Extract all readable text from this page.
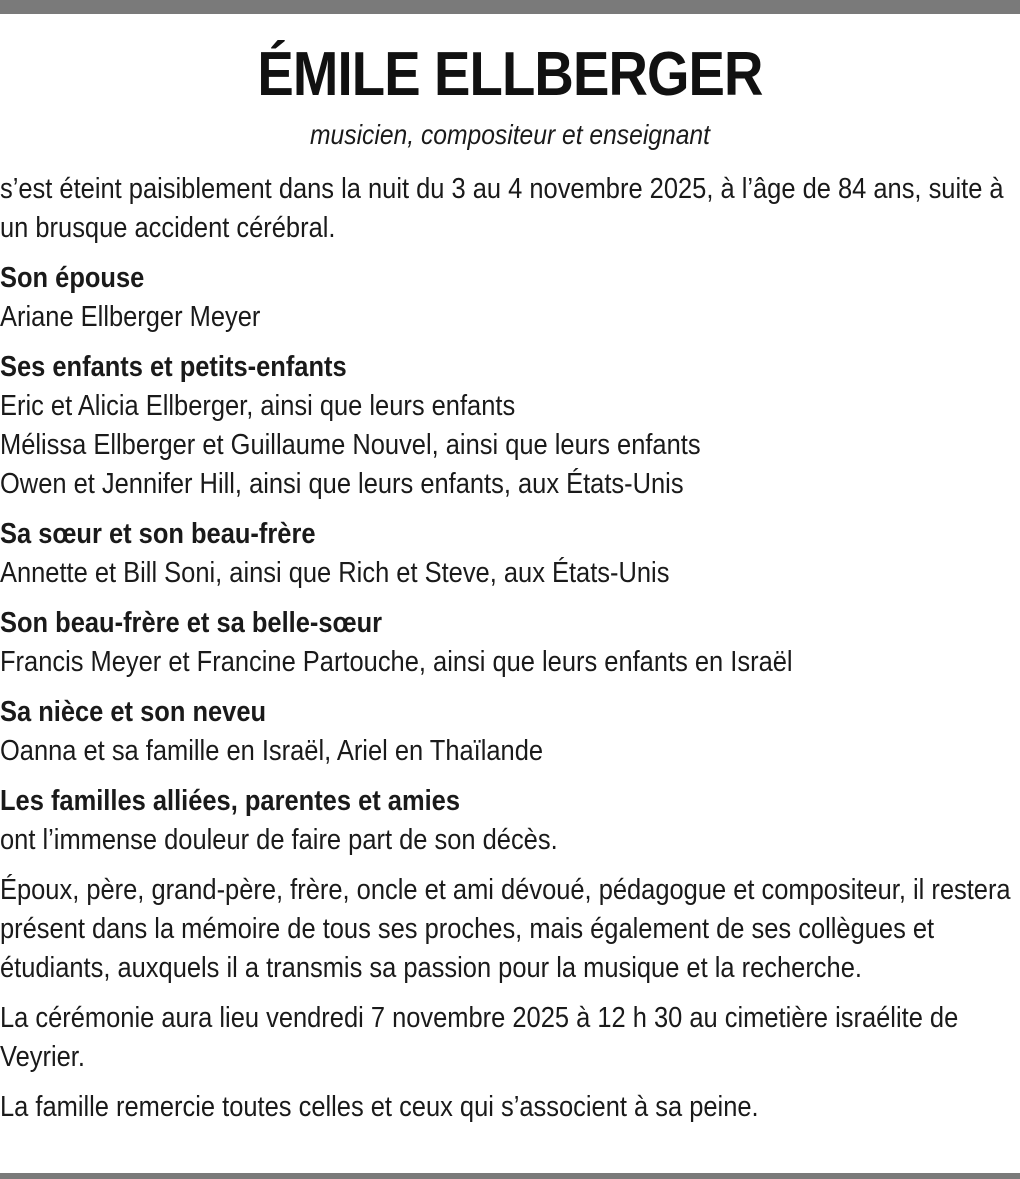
ÉMILE ELLBERGER

musicien, compositeur et enseignant

s’est éteint paisiblement dans la nuit du 3 au 4 novembre 2025, à l’âge de 84 ans, suite à un brusque accident cérébral.

Son épouse
Ariane Ellberger Meyer
Ses enfants et petits-enfants
Eric et Alicia Ellberger, ainsi que leurs enfants
Mélissa Ellberger et Guillaume Nouvel, ainsi que leurs enfants
Owen et Jennifer Hill, ainsi que leurs enfants, aux États-Unis
Sa sœur et son beau-frère
Annette et Bill Soni, ainsi que Rich et Steve, aux États-Unis
Son beau-frère et sa belle-sœur
Francis Meyer et Francine Partouche, ainsi que leurs enfants en Israël
Sa nièce et son neveu
Oanna et sa famille en Israël, Ariel en Thaïlande
Les familles alliées, parentes et amies
ont l’immense douleur de faire part de son décès.

Époux, père, grand-père, frère, oncle et ami dévoué, pédagogue et compositeur, il restera présent dans la mémoire de tous ses proches, mais également de ses collègues et étudiants, auxquels il a transmis sa passion pour la musique et la recherche.

La cérémonie aura lieu vendredi 7 novembre 2025 à 12 h 30 au cimetière israélite de Veyrier.

La famille remercie toutes celles et ceux qui s’associent à sa peine.
